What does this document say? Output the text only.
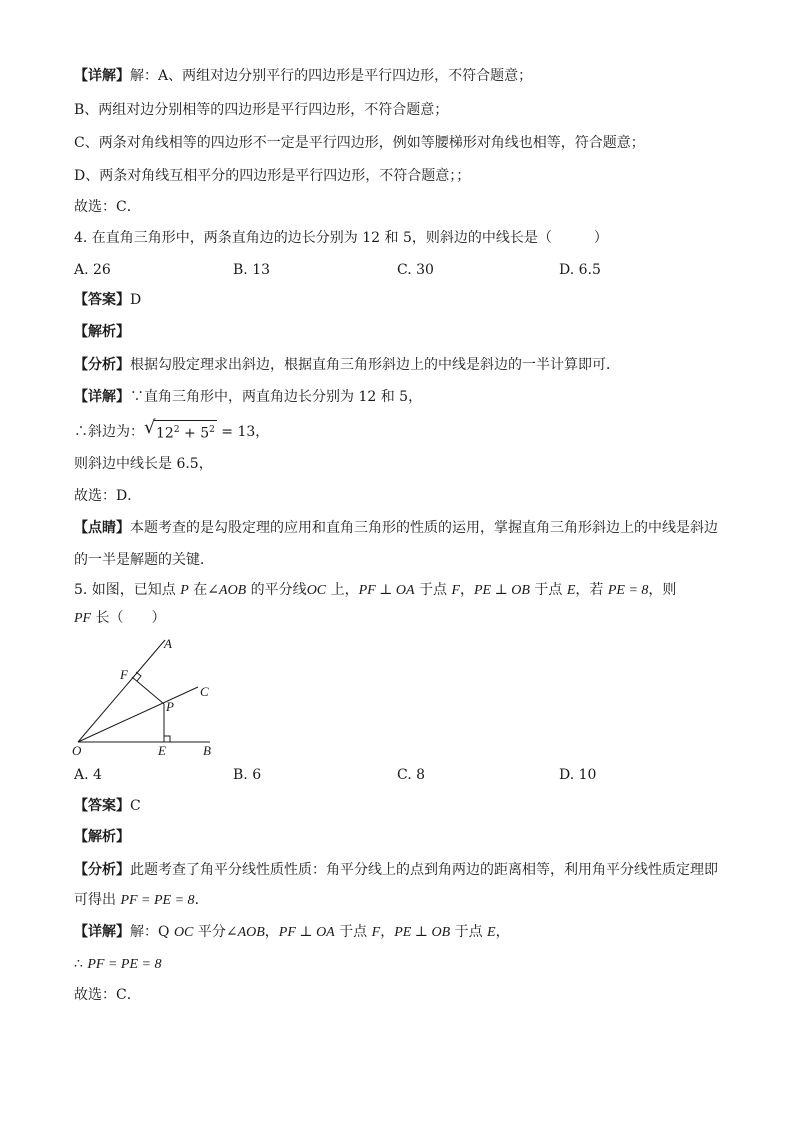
【详解】解：A、两组对边分别平行的四边形是平行四边形，不符合题意；
B、两组对边分别相等的四边形是平行四边形，不符合题意；
C、两条对角线相等的四边形不一定是平行四边形，例如等腰梯形对角线也相等，符合题意；
D、两条对角线互相平分的四边形是平行四边形，不符合题意；；
故选：C．
4. 在直角三角形中，两条直角边的边长分别为 12 和 5，则斜边的中线长是（　　　）
A. 26	B. 13	C. 30	D. 6.5
【答案】D
【解析】
【分析】根据勾股定理求出斜边，根据直角三角形斜边上的中线是斜边的一半计算即可．
【详解】∵直角三角形中，两直角边长分别为 12 和 5，
∴斜边为： √ $12^2 + 5^2 = 13$，
则斜边中线长是 6.5，
故选：D．
【点睛】本题考查的是勾股定理的应用和直角三角形的性质的运用，掌握直角三角形斜边上的中线是斜边
的一半是解题的关键．
5. 如图，已知点 P 在∠AOB 的平分线OC 上，PF ⊥ OA 于点 F，PE ⊥ OB 于点 E，若 PE = 8，则
PF 长（　　）
A
F
C
P
O	E	B
A. 4	B. 6	C. 8	D. 10
【答案】C
【解析】
【分析】此题考查了角平分线性质性质：角平分线上的点到角两边的距离相等，利用角平分线性质定理即
可得出 PF = PE = 8．
【详解】解：Q OC 平分∠AOB，PF ⊥ OA 于点 F，PE ⊥ OB 于点 E，
∴ PF = PE = 8
故选：C．
